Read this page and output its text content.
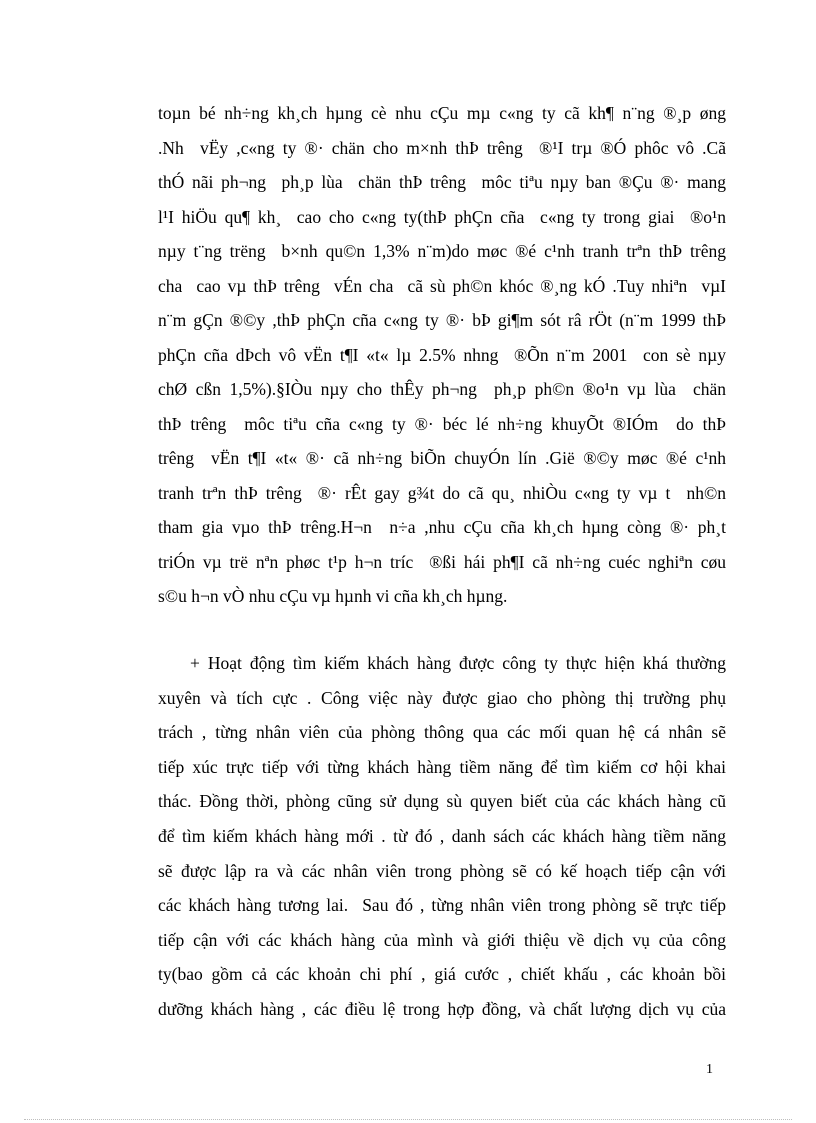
toµn bé nh÷ng kh¸ch hµng cè nhu cÇu mµ c«ng ty cã kh¶ n¨ng ®¸p øng
.Nh  vËy ,c«ng ty ®· chän cho m×nh thÞ trêng  ®¹I trµ ®Ó phôc vô .Cã
thÓ nãi ph¬ng  ph¸p lùa  chän thÞ trêng  môc tiªu nµy ban ®Çu ®· mang
l¹I hiÖu qu¶ kh¸  cao cho c«ng ty(thÞ phÇn cña  c«ng ty trong giai  ®o¹n
nµy t¨ng trëng  b×nh qu©n 1,3% n¨m)do møc ®é c¹nh tranh trªn thÞ trêng
cha  cao vµ thÞ trêng  vÉn cha  cã sù ph©n khóc ®¸ng kÓ .Tuy nhiªn  vµI
n¨m gÇn ®©y ,thÞ phÇn cña c«ng ty ®· bÞ gi¶m sót râ rÖt (n¨m 1999 thÞ
phÇn cña dÞch vô vËn t¶I «t« lµ 2.5% nhng  ®Õn n¨m 2001  con sè nµy
chØ cßn 1,5%).§IÒu nµy cho thÊy ph¬ng  ph¸p ph©n ®o¹n vµ lùa  chän
thÞ trêng  môc tiªu cña c«ng ty ®· béc lé nh÷ng khuyÕt ®IÓm  do thÞ
trêng  vËn t¶I «t« ®· cã nh÷ng biÕn chuyÓn lín .Gië ®©y møc ®é c¹nh
tranh trªn thÞ trêng  ®· rÊt gay g¾t do cã qu¸ nhiÒu c«ng ty vµ t  nh©n
tham gia vµo thÞ trêng.H¬n  n÷a ,nhu cÇu cña kh¸ch hµng còng ®· ph¸t
triÓn vµ trë nªn phøc t¹p h¬n tríc  ®ßi hái ph¶I cã nh÷ng cuéc nghiªn cøu
s©u h¬n vÒ nhu cÇu vµ hµnh vi cña kh¸ch hµng.
+ Hoạt động tìm kiếm khách hàng được công ty thực hiện khá thường
xuyên và tích cực . Công việc này được giao cho phòng thị trường phụ
trách , từng nhân viên của phòng thông qua các mối quan hệ cá nhân sẽ
tiếp xúc trực tiếp với từng khách hàng tiềm năng để tìm kiếm cơ hội khai
thác. Đồng thời, phòng cũng sử dụng sù quyen biết của các khách hàng cũ
để tìm kiếm khách hàng mới . từ đó , danh sách các khách hàng tiềm năng
sẽ được lập ra và các nhân viên trong phòng sẽ có kế hoạch tiếp cận với
các khách hàng tương lai.  Sau đó , từng nhân viên trong phòng sẽ trực tiếp
tiếp cận với các khách hàng của mình và giới thiệu về dịch vụ của công
ty(bao gồm cả các khoản chi phí , giá cước , chiết khấu , các khoản bồi
dưỡng khách hàng , các điều lệ trong hợp đồng, và chất lượng dịch vụ của
1
